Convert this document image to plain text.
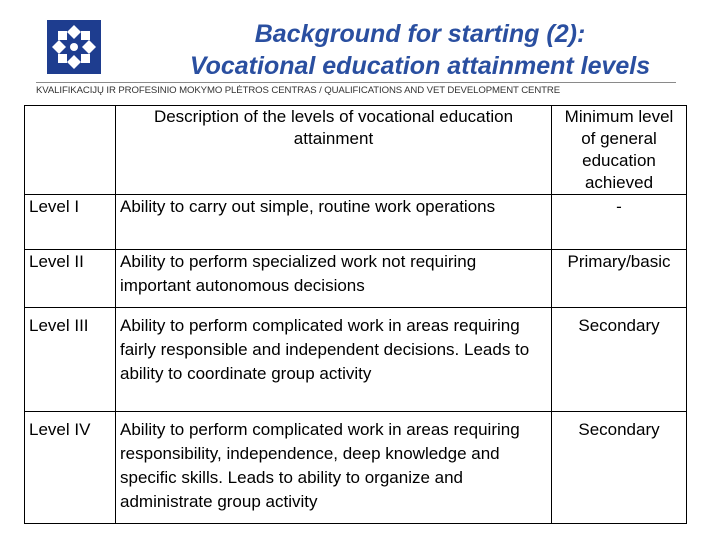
Background for starting (2):
Vocational education attainment levels
KVALIFIKACIJŲ IR PROFESINIO MOKYMO PLĖTROS CENTRAS / QUALIFICATIONS AND VET DEVELOPMENT CENTRE
	Description of the levels of vocational education attainment	Minimum level of general education achieved
Level I	Ability to carry out simple, routine work operations	-
Level II	Ability to perform specialized work not requiring important autonomous decisions	Primary/basic
Level III	Ability to perform complicated work in areas requiring fairly responsible and independent decisions. Leads to ability to coordinate group activity	Secondary
Level IV	Ability to perform complicated work in areas requiring responsibility, independence, deep knowledge and specific skills. Leads to ability to organize and administrate group activity	Secondary
